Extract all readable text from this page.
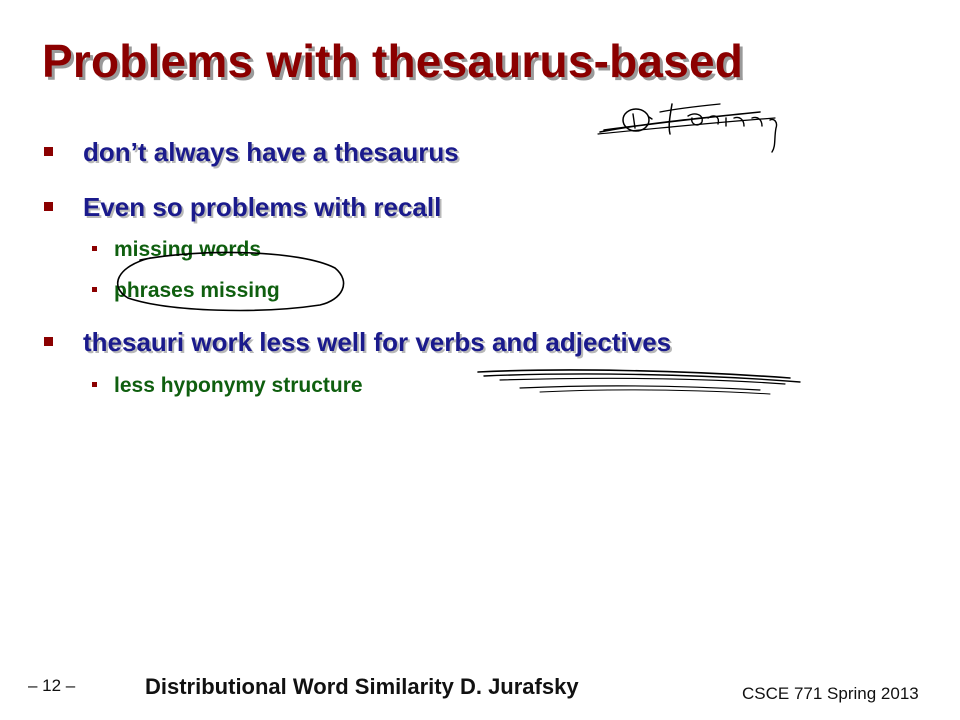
Problems with thesaurus-based
don’t always have a thesaurus
Even so problems with recall
missing words
phrases missing
thesauri work less well for verbs and adjectives
less hyponymy structure
– 12 –	Distributional Word Similarity D. Jurafsky	CSCE 771 Spring 2013
